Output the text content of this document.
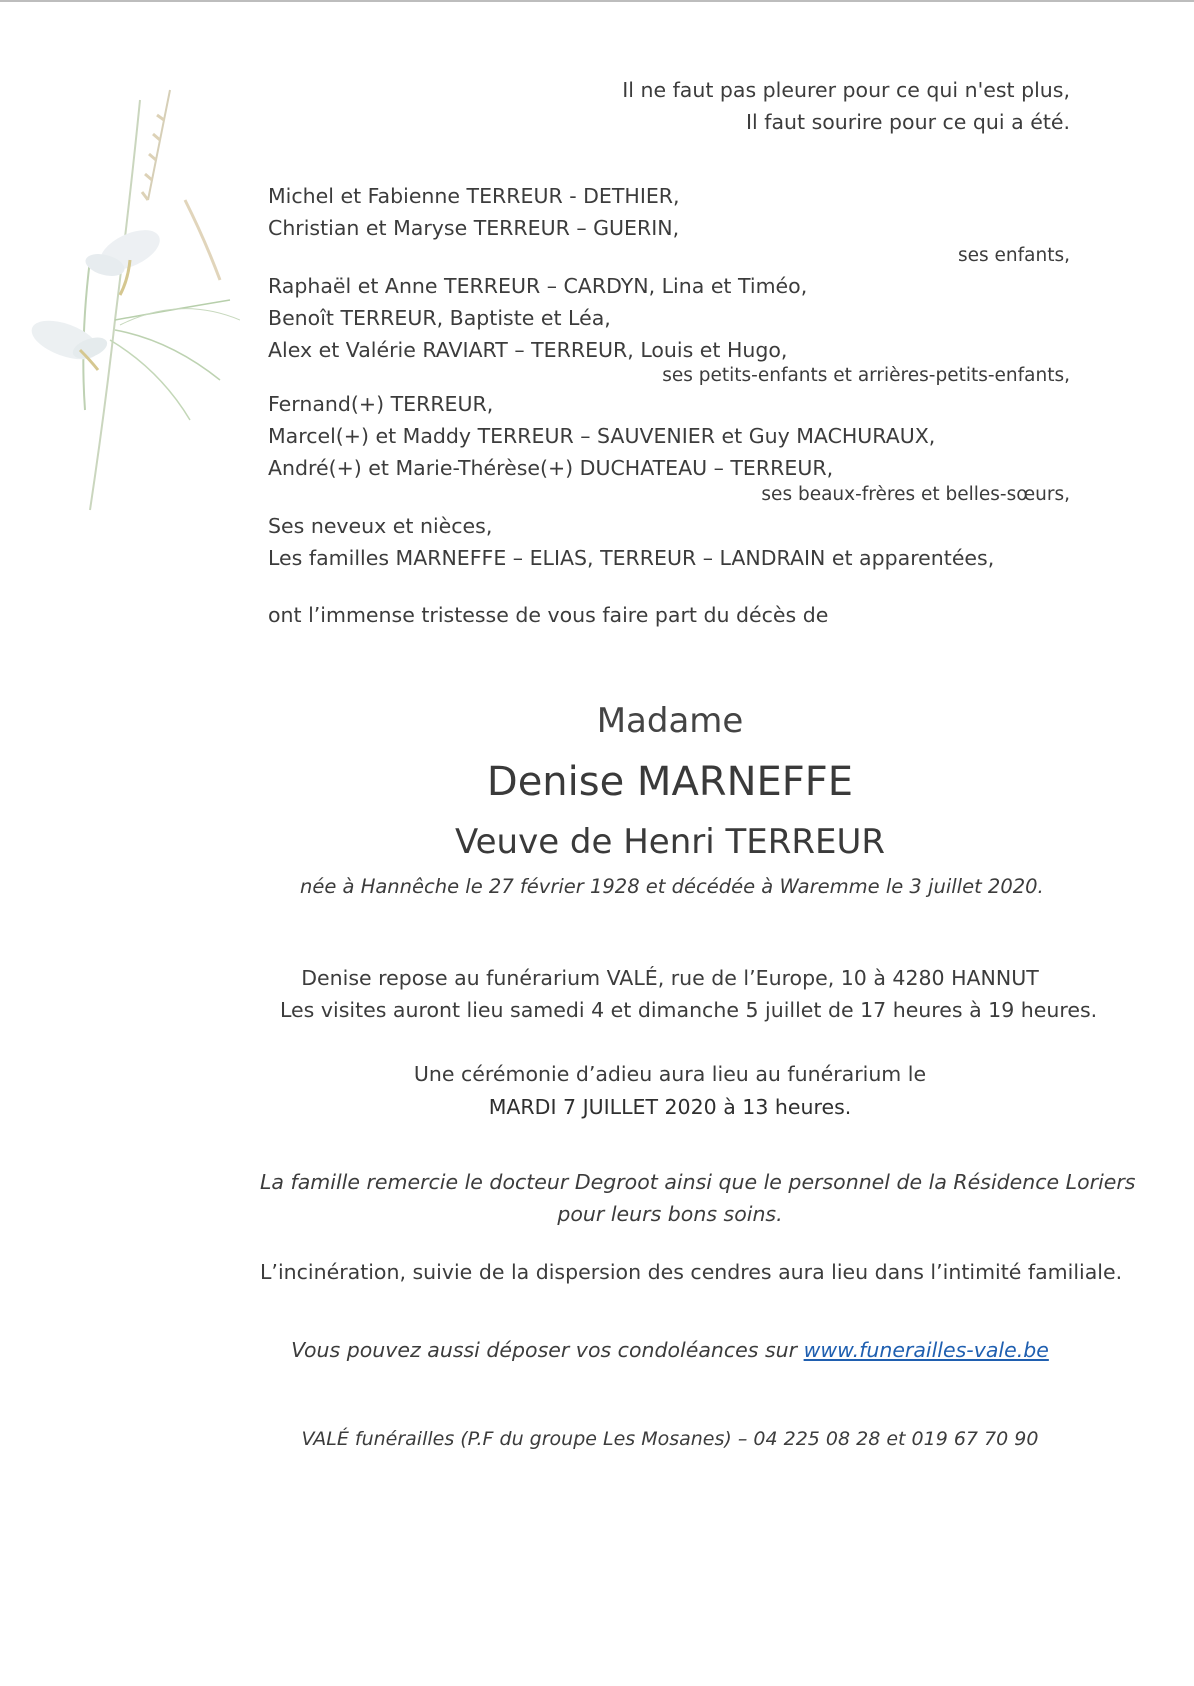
Il ne faut pas pleurer pour ce qui n'est plus,
Il faut sourire pour ce qui a été.
Michel et Fabienne TERREUR - DETHIER,
Christian et Maryse TERREUR – GUERIN,
ses enfants,
Raphaël et Anne TERREUR – CARDYN, Lina et Timéo,
Benoît TERREUR, Baptiste et Léa,
Alex et Valérie RAVIART – TERREUR, Louis et Hugo,
ses petits-enfants et arrières-petits-enfants,
Fernand(+) TERREUR,
Marcel(+) et Maddy TERREUR – SAUVENIER et Guy MACHURAUX,
André(+) et Marie-Thérèse(+) DUCHATEAU – TERREUR,
ses beaux-frères et belles-sœurs,
Ses neveux et nièces,
Les familles MARNEFFE – ELIAS, TERREUR – LANDRAIN et apparentées,
ont l’immense tristesse de vous faire part du décès de
Madame
Denise MARNEFFE
Veuve de Henri TERREUR
née à Hannêche le 27 février 1928 et décédée à Waremme le 3 juillet 2020.
Denise repose au funérarium VALÉ, rue de l’Europe, 10 à 4280 HANNUT
Les visites auront lieu samedi 4 et dimanche 5 juillet de 17 heures à 19 heures.
Une cérémonie d’adieu aura lieu au funérarium le
MARDI 7 JUILLET 2020 à 13 heures.
La famille remercie le docteur Degroot ainsi que le personnel de la Résidence Loriers
pour leurs bons soins.
L’incinération, suivie de la dispersion des cendres aura lieu dans l’intimité familiale.
Vous pouvez aussi déposer vos condoléances sur www.funerailles-vale.be
VALÉ funérailles (P.F du groupe Les Mosanes) – 04 225 08 28 et 019 67 70 90
